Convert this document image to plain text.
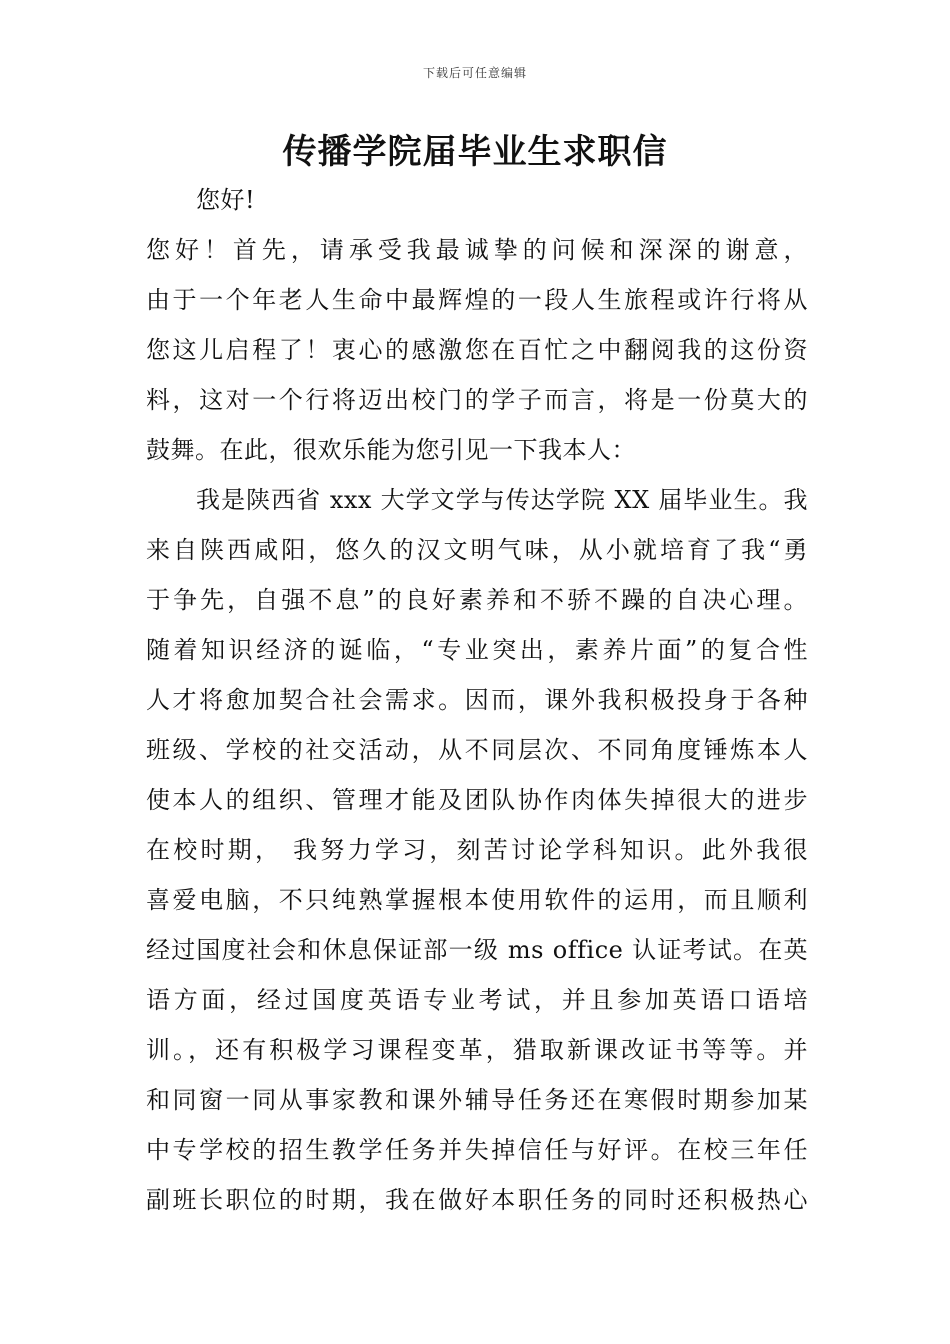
下载后可任意编辑
传播学院届毕业生求职信
您好!
您好！首先，请承受我最诚挚的问候和深深的谢意，
由于一个年老人生命中最辉煌的一段人生旅程或许行将从
您这儿启程了！衷心的感激您在百忙之中翻阅我的这份资
料，这对一个行将迈出校门的学子而言，将是一份莫大的
鼓舞。在此，很欢乐能为您引见一下我本人：
　　我是陕西省 xxx 大学文学与传达学院 XX 届毕业生。我
来自陕西咸阳，悠久的汉文明气味，从小就培育了我“勇
于争先，自强不息”的良好素养和不骄不躁的自决心理。
随着知识经济的诞临，“专业突出，素养片面”的复合性
人才将愈加契合社会需求。因而，课外我积极投身于各种
班级、学校的社交活动，从不同层次、不同角度锤炼本人
使本人的组织、管理才能及团队协作肉体失掉很大的进步
在校时期， 我努力学习，刻苦讨论学科知识。此外我很
喜爱电脑，不只纯熟掌握根本使用软件的运用，而且顺利
经过国度社会和休息保证部一级 ms office 认证考试。在英
语方面，经过国度英语专业考试，并且参加英语口语培
训。，还有积极学习课程变革，猎取新课改证书等等。并
和同窗一同从事家教和课外辅导任务还在寒假时期参加某
中专学校的招生教学任务并失掉信任与好评。在校三年任
副班长职位的时期，我在做好本职任务的同时还积极热心
